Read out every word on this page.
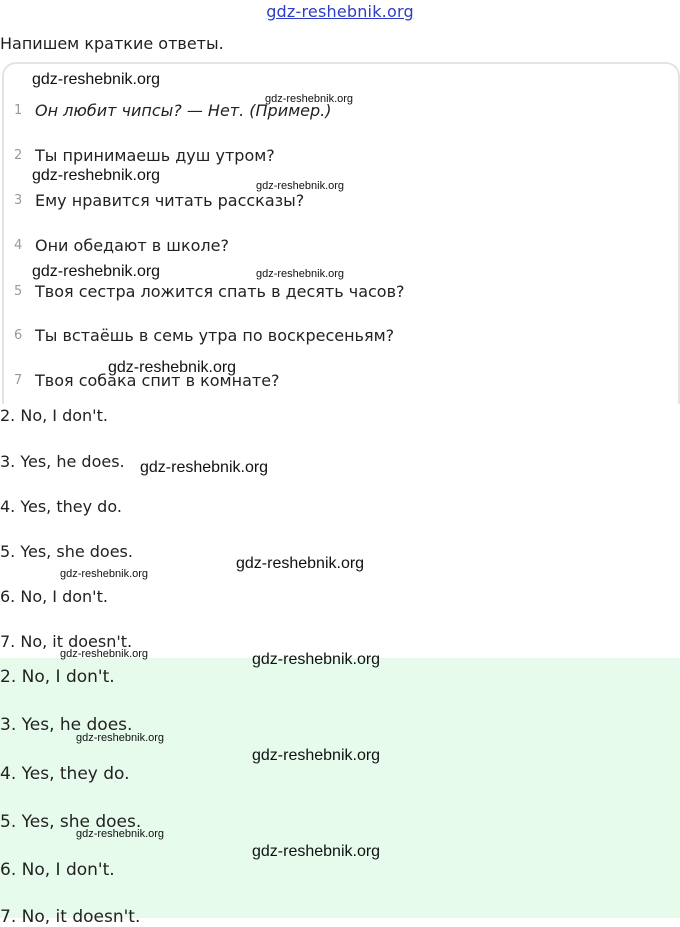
gdz-reshebnik.org
Напишем краткие ответы.
1 Он любит чипсы? — Нет. (Пример.)
2 Ты принимаешь душ утром?
3 Ему нравится читать рассказы?
4 Они обедают в школе?
5 Твоя сестра ложится спать в десять часов?
6 Ты встаёшь в семь утра по воскресеньям?
7 Твоя собака спит в комнате?
2. No, I don't.
3. Yes, he does.
4. Yes, they do.
5. Yes, she does.
6. No, I don't.
7. No, it doesn't.
2. No, I don't.
3. Yes, he does.
4. Yes, they do.
5. Yes, she does.
6. No, I don't.
7. No, it doesn't.
gdz-reshebnik.org
gdz-reshebnik.org
gdz-reshebnik.org
gdz-reshebnik.org
gdz-reshebnik.org	gdz-reshebnik.org
gdz-reshebnik.org
gdz-reshebnik.org
gdz-reshebnik.org
gdz-reshebnik.org
gdz-reshebnik.org	gdz-reshebnik.org
gdz-reshebnik.org
gdz-reshebnik.org
gdz-reshebnik.org
gdz-reshebnik.org
